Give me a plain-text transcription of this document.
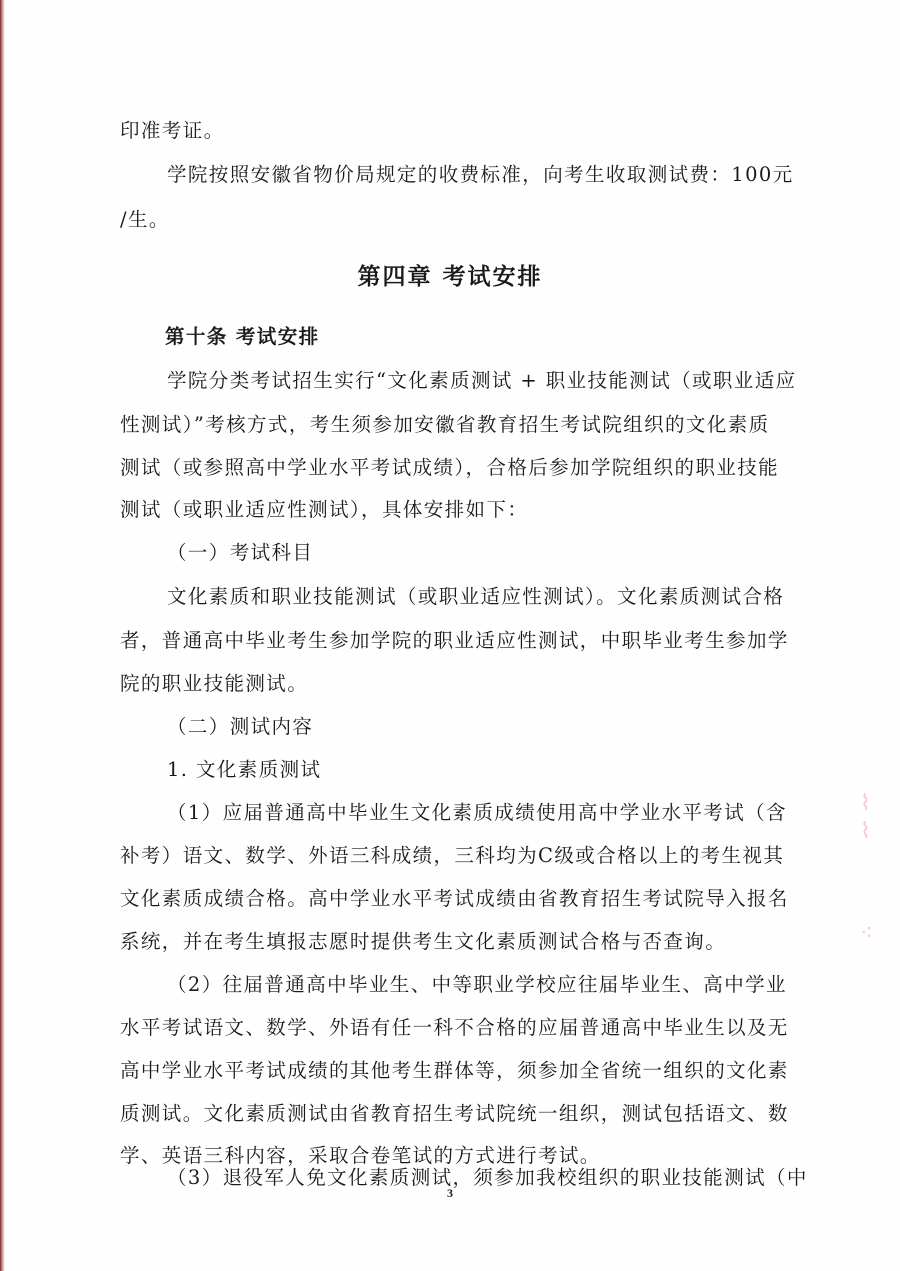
印准考证。
学院按照安徽省物价局规定的收费标准，向考生收取测试费：100元
/生。
第四章 考试安排
第十条 考试安排
学院分类考试招生实行“文化素质测试 + 职业技能测试（或职业适应
性测试）”考核方式，考生须参加安徽省教育招生考试院组织的文化素质
测试（或参照高中学业水平考试成绩），合格后参加学院组织的职业技能
测试（或职业适应性测试），具体安排如下：
（一）考试科目
文化素质和职业技能测试（或职业适应性测试）。文化素质测试合格
者，普通高中毕业考生参加学院的职业适应性测试，中职毕业考生参加学
院的职业技能测试。
（二）测试内容
1. 文化素质测试
（1）应届普通高中毕业生文化素质成绩使用高中学业水平考试（含
补考）语文、数学、外语三科成绩，三科均为C级或合格以上的考生视其
文化素质成绩合格。高中学业水平考试成绩由省教育招生考试院导入报名
系统，并在考生填报志愿时提供考生文化素质测试合格与否查询。
（2）往届普通高中毕业生、中等职业学校应往届毕业生、高中学业
水平考试语文、数学、外语有任一科不合格的应届普通高中毕业生以及无
高中学业水平考试成绩的其他考生群体等，须参加全省统一组织的文化素
质测试。文化素质测试由省教育招生考试院统一组织，测试包括语文、数
学、英语三科内容，采取合卷笔试的方式进行考试。
（3）退役军人免文化素质测试，须参加我校组织的职业技能测试（中
3
⌇
⌇
⁖
